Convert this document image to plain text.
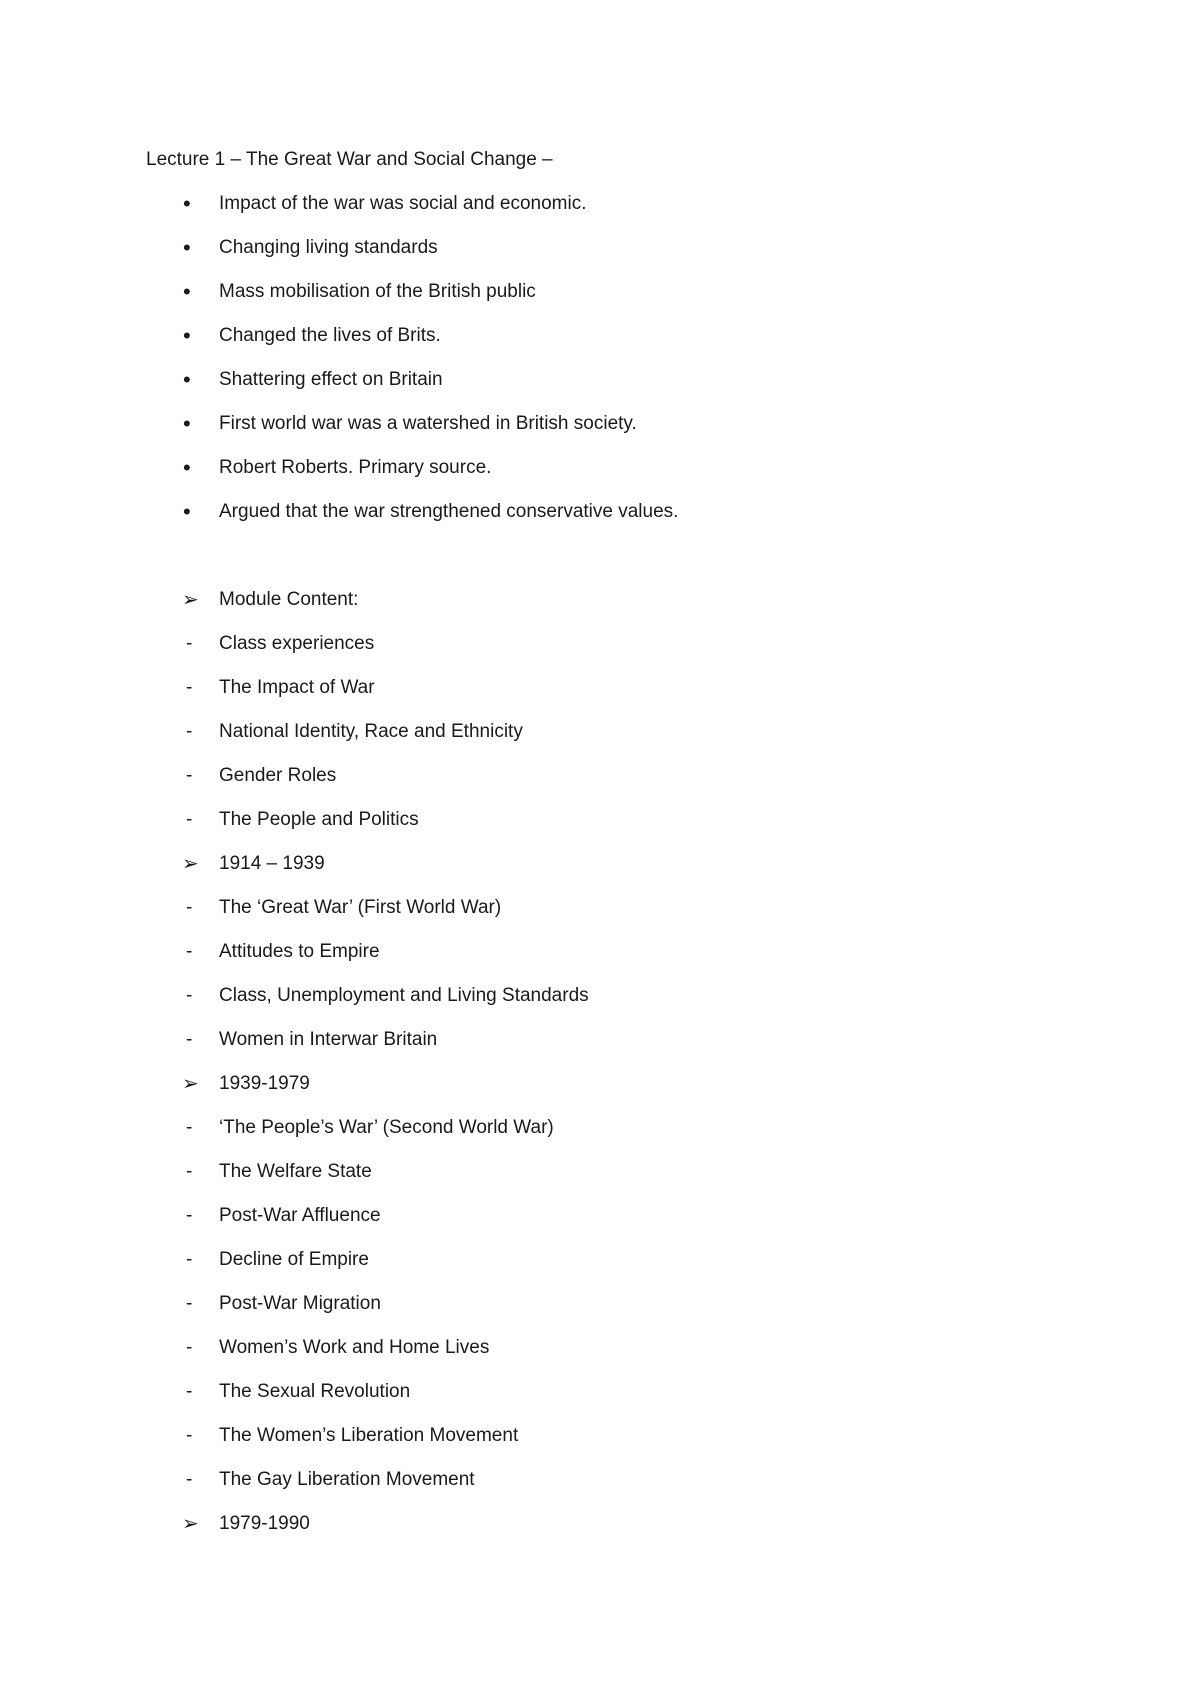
Lecture 1 – The Great War and Social Change –
•	Impact of the war was social and economic.
•	Changing living standards
•	Mass mobilisation of the British public
•	Changed the lives of Brits.
•	Shattering effect on Britain
•	First world war was a watershed in British society.
•	Robert Roberts. Primary source.
•	Argued that the war strengthened conservative values.
➢	Module Content:
-	Class experiences
-	The Impact of War
-	National Identity, Race and Ethnicity
-	Gender Roles
-	The People and Politics
➢	1914 – 1939
-	The ‘Great War’ (First World War)
-	Attitudes to Empire
-	Class, Unemployment and Living Standards
-	Women in Interwar Britain
➢	1939-1979
-	‘The People’s War’ (Second World War)
-	The Welfare State
-	Post-War Affluence
-	Decline of Empire
-	Post-War Migration
-	Women’s Work and Home Lives
-	The Sexual Revolution
-	The Women’s Liberation Movement
-	The Gay Liberation Movement
➢	1979-1990
